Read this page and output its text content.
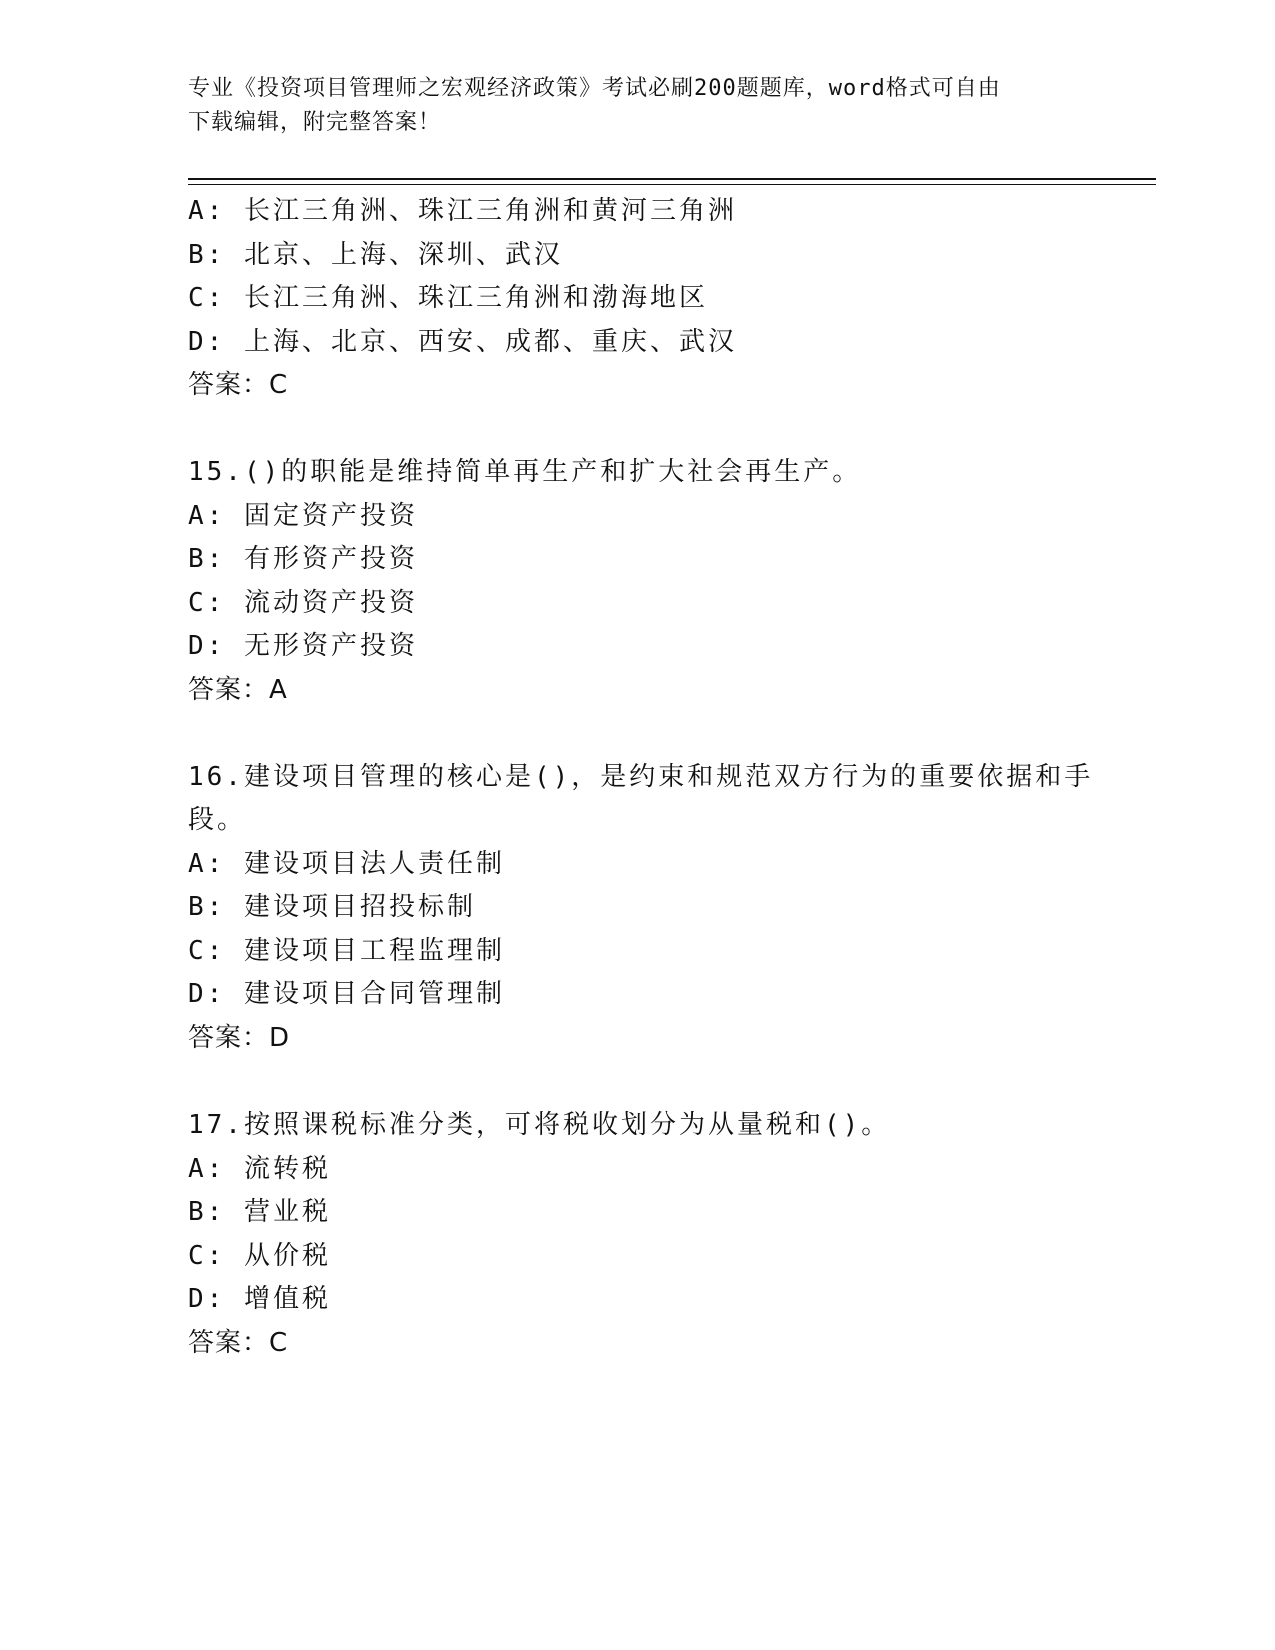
专业《投资项目管理师之宏观经济政策》考试必刷200题题库，word格式可自由
下载编辑，附完整答案！
A: 长江三角洲、珠江三角洲和黄河三角洲
B: 北京、上海、深圳、武汉
C: 长江三角洲、珠江三角洲和渤海地区
D: 上海、北京、西安、成都、重庆、武汉
答案：C
15.()的职能是维持简单再生产和扩大社会再生产。
A: 固定资产投资
B: 有形资产投资
C: 流动资产投资
D: 无形资产投资
答案：A
16.建设项目管理的核心是()，是约束和规范双方行为的重要依据和手
段。
A: 建设项目法人责任制
B: 建设项目招投标制
C: 建设项目工程监理制
D: 建设项目合同管理制
答案：D
17.按照课税标准分类，可将税收划分为从量税和()。
A: 流转税
B: 营业税
C: 从价税
D: 增值税
答案：C
